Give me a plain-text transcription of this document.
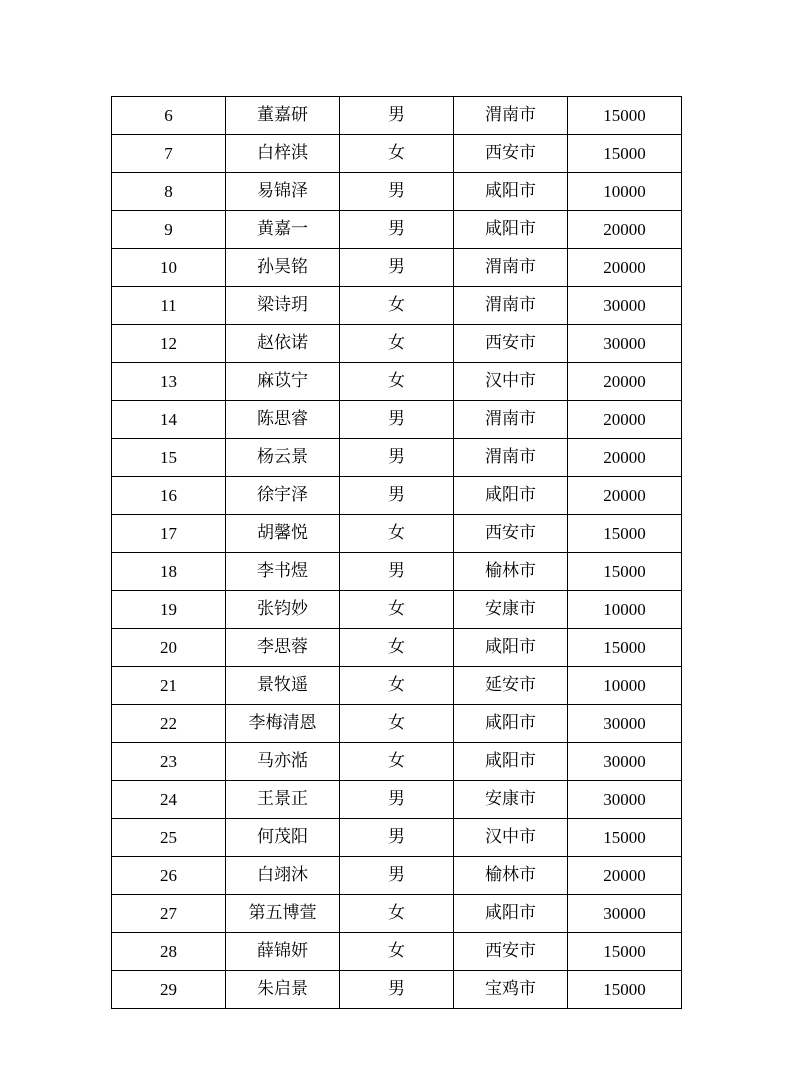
6	董嘉研	男	渭南市	15000
7	白梓淇	女	西安市	15000
8	易锦泽	男	咸阳市	10000
9	黄嘉一	男	咸阳市	20000
10	孙昊铭	男	渭南市	20000
11	梁诗玥	女	渭南市	30000
12	赵依诺	女	西安市	30000
13	麻苡宁	女	汉中市	20000
14	陈思睿	男	渭南市	20000
15	杨云景	男	渭南市	20000
16	徐宇泽	男	咸阳市	20000
17	胡馨悦	女	西安市	15000
18	李书煜	男	榆林市	15000
19	张钧妙	女	安康市	10000
20	李思蓉	女	咸阳市	15000
21	景牧遥	女	延安市	10000
22	李梅清恩	女	咸阳市	30000
23	马亦湉	女	咸阳市	30000
24	王景正	男	安康市	30000
25	何茂阳	男	汉中市	15000
26	白翊沐	男	榆林市	20000
27	第五博萱	女	咸阳市	30000
28	薛锦妍	女	西安市	15000
29	朱启景	男	宝鸡市	15000
